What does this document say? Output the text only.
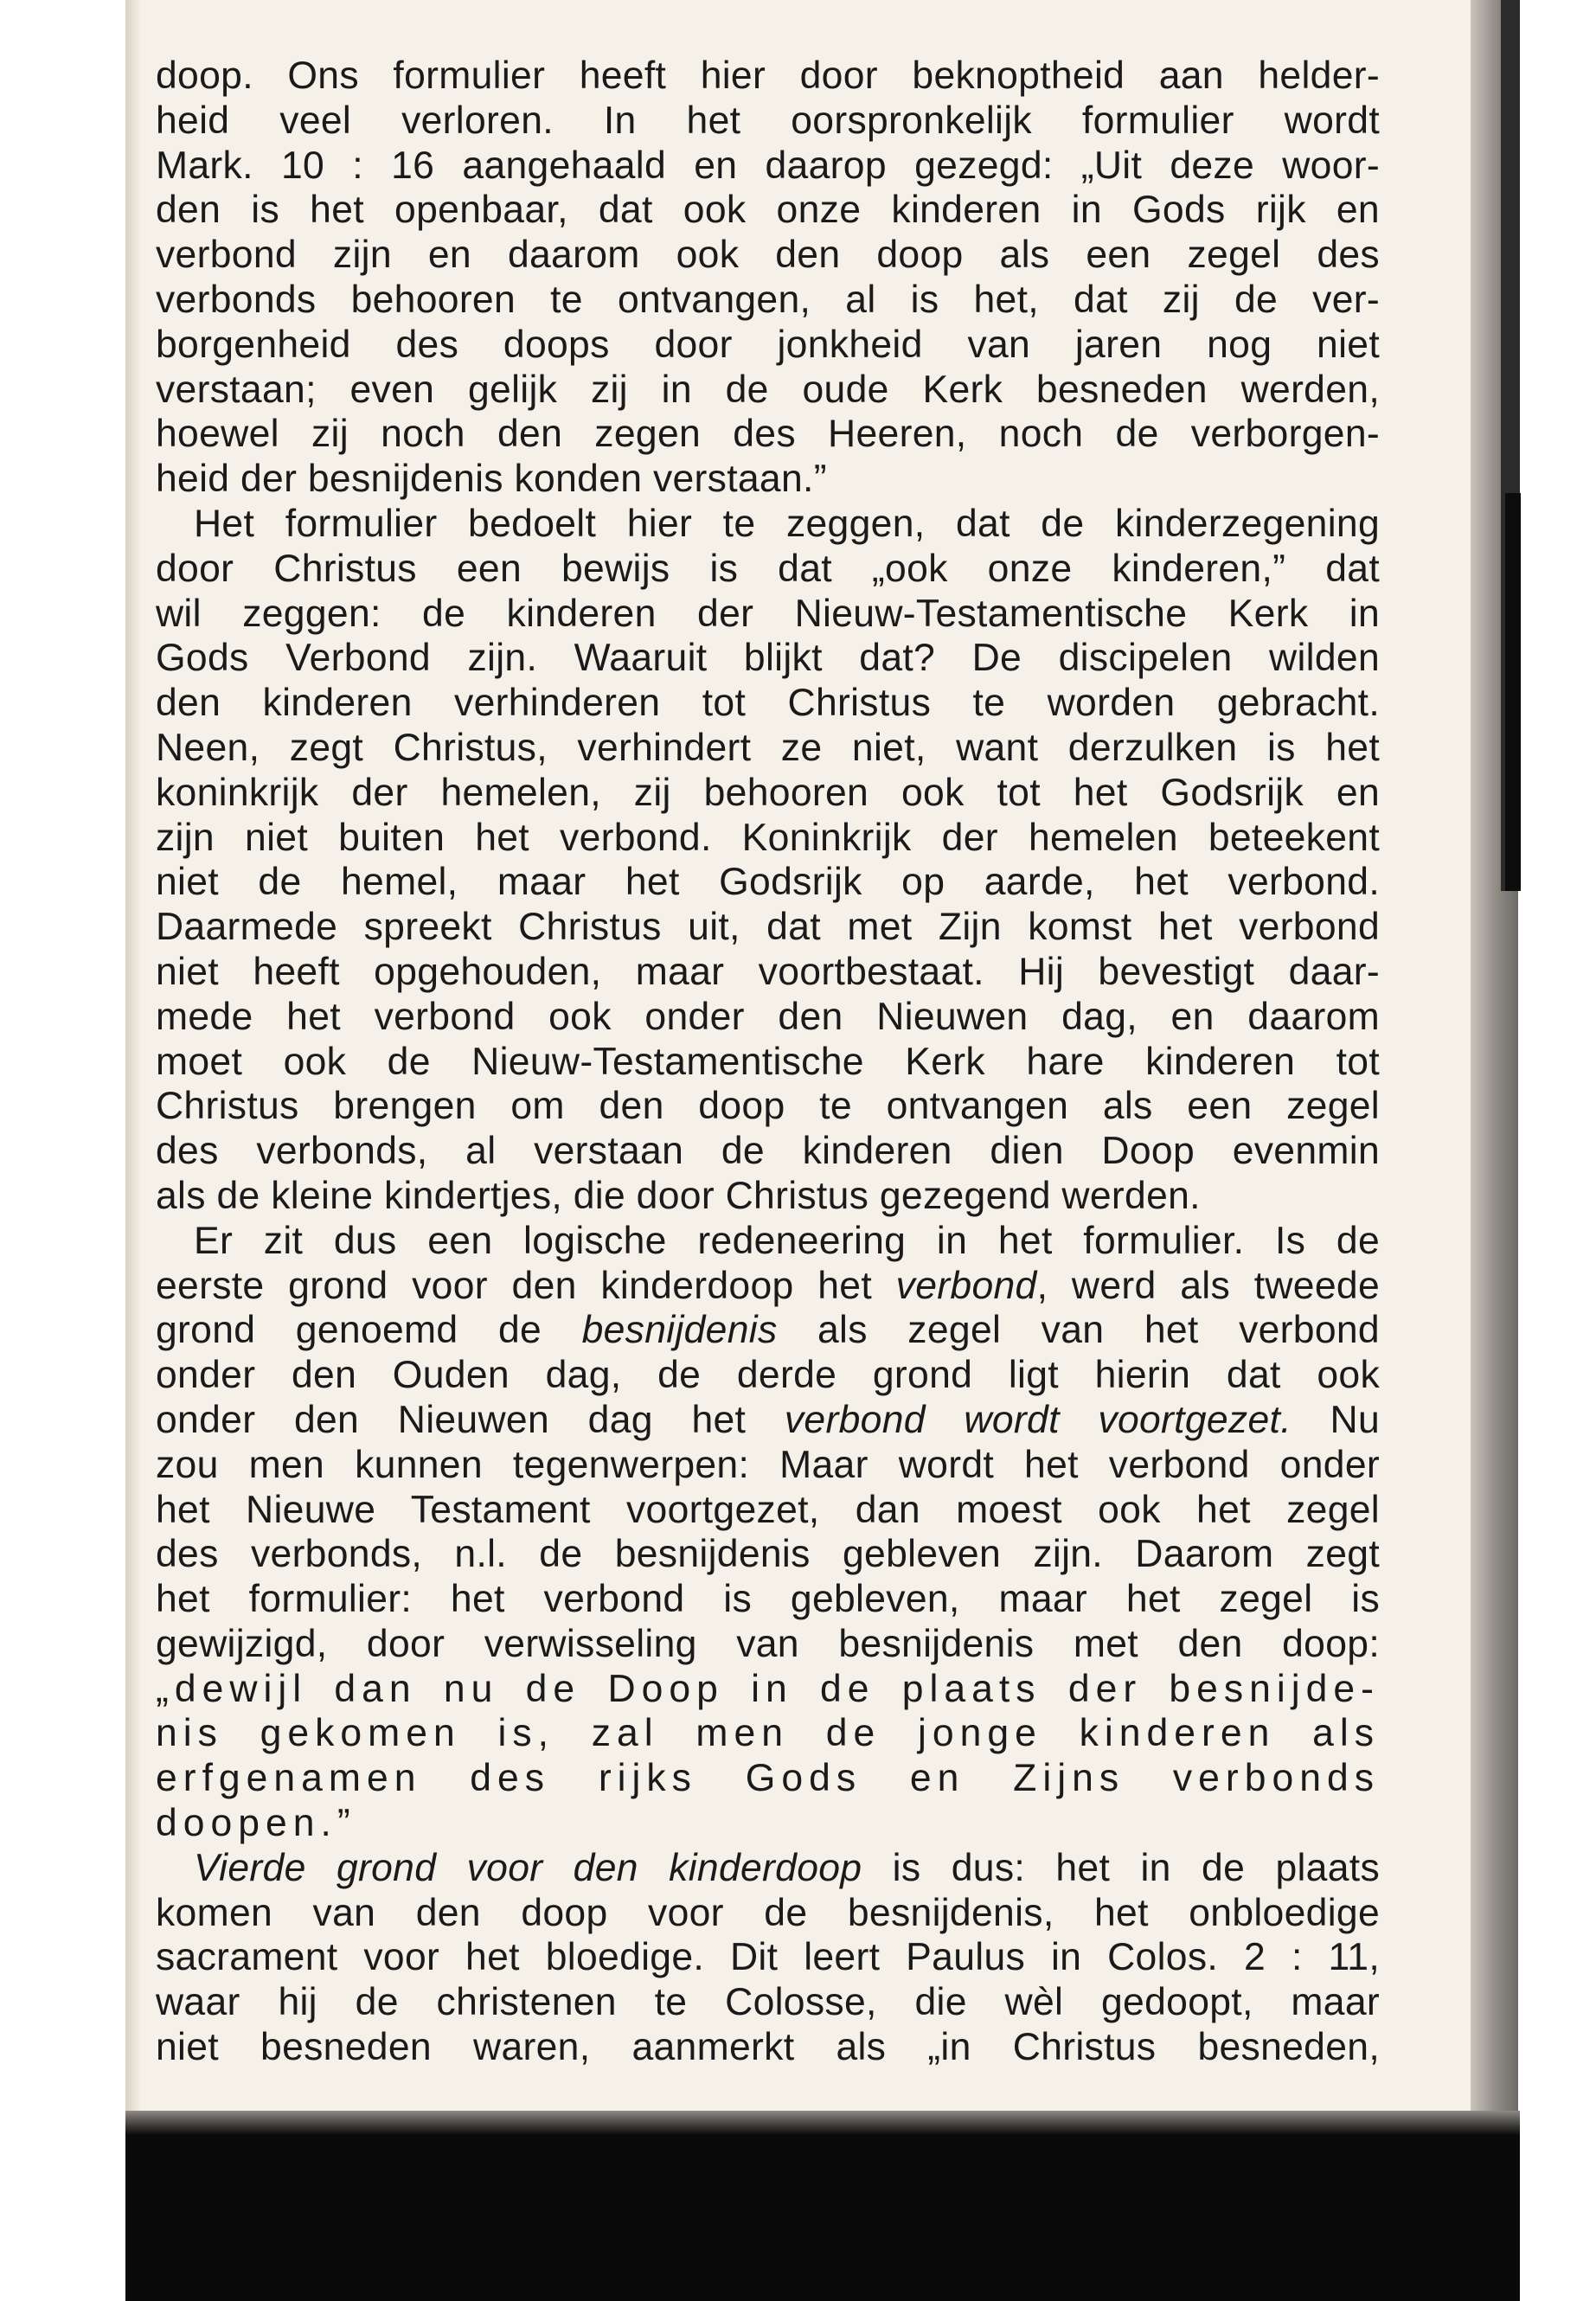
doop. Ons formulier heeft hier door beknoptheid aan helder-
heid veel verloren. In het oorspronkelijk formulier wordt
Mark. 10 : 16 aangehaald en daarop gezegd: „Uit deze woor-
den is het openbaar, dat ook onze kinderen in Gods rijk en
verbond zijn en daarom ook den doop als een zegel des
verbonds behooren te ontvangen, al is het, dat zij de ver-
borgenheid des doops door jonkheid van jaren nog niet
verstaan; even gelijk zij in de oude Kerk besneden werden,
hoewel zij noch den zegen des Heeren, noch de verborgen-
heid der besnijdenis konden verstaan.”
Het formulier bedoelt hier te zeggen, dat de kinderzegening
door Christus een bewijs is dat „ook onze kinderen,” dat
wil zeggen: de kinderen der Nieuw-Testamentische Kerk in
Gods Verbond zijn. Waaruit blijkt dat? De discipelen wilden
den kinderen verhinderen tot Christus te worden gebracht.
Neen, zegt Christus, verhindert ze niet, want derzulken is het
koninkrijk der hemelen, zij behooren ook tot het Godsrijk en
zijn niet buiten het verbond. Koninkrijk der hemelen beteekent
niet de hemel, maar het Godsrijk op aarde, het verbond.
Daarmede spreekt Christus uit, dat met Zijn komst het verbond
niet heeft opgehouden, maar voortbestaat. Hij bevestigt daar-
mede het verbond ook onder den Nieuwen dag, en daarom
moet ook de Nieuw-Testamentische Kerk hare kinderen tot
Christus brengen om den doop te ontvangen als een zegel
des verbonds, al verstaan de kinderen dien Doop evenmin
als de kleine kindertjes, die door Christus gezegend werden.
Er zit dus een logische redeneering in het formulier. Is de
eerste grond voor den kinderdoop het verbond, werd als tweede
grond genoemd de besnijdenis als zegel van het verbond
onder den Ouden dag, de derde grond ligt hierin dat ook
onder den Nieuwen dag het verbond wordt voortgezet. Nu
zou men kunnen tegenwerpen: Maar wordt het verbond onder
het Nieuwe Testament voortgezet, dan moest ook het zegel
des verbonds, n.l. de besnijdenis gebleven zijn. Daarom zegt
het formulier: het verbond is gebleven, maar het zegel is
gewijzigd, door verwisseling van besnijdenis met den doop:
„dewijl dan nu de Doop in de plaats der besnijde-
nis gekomen is, zal men de jonge kinderen als
erfgenamen des rijks Gods en Zijns verbonds
doopen.”
Vierde grond voor den kinderdoop is dus: het in de plaats
komen van den doop voor de besnijdenis, het onbloedige
sacrament voor het bloedige. Dit leert Paulus in Colos. 2 : 11,
waar hij de christenen te Colosse, die wèl gedoopt, maar
niet besneden waren, aanmerkt als „in Christus besneden,
